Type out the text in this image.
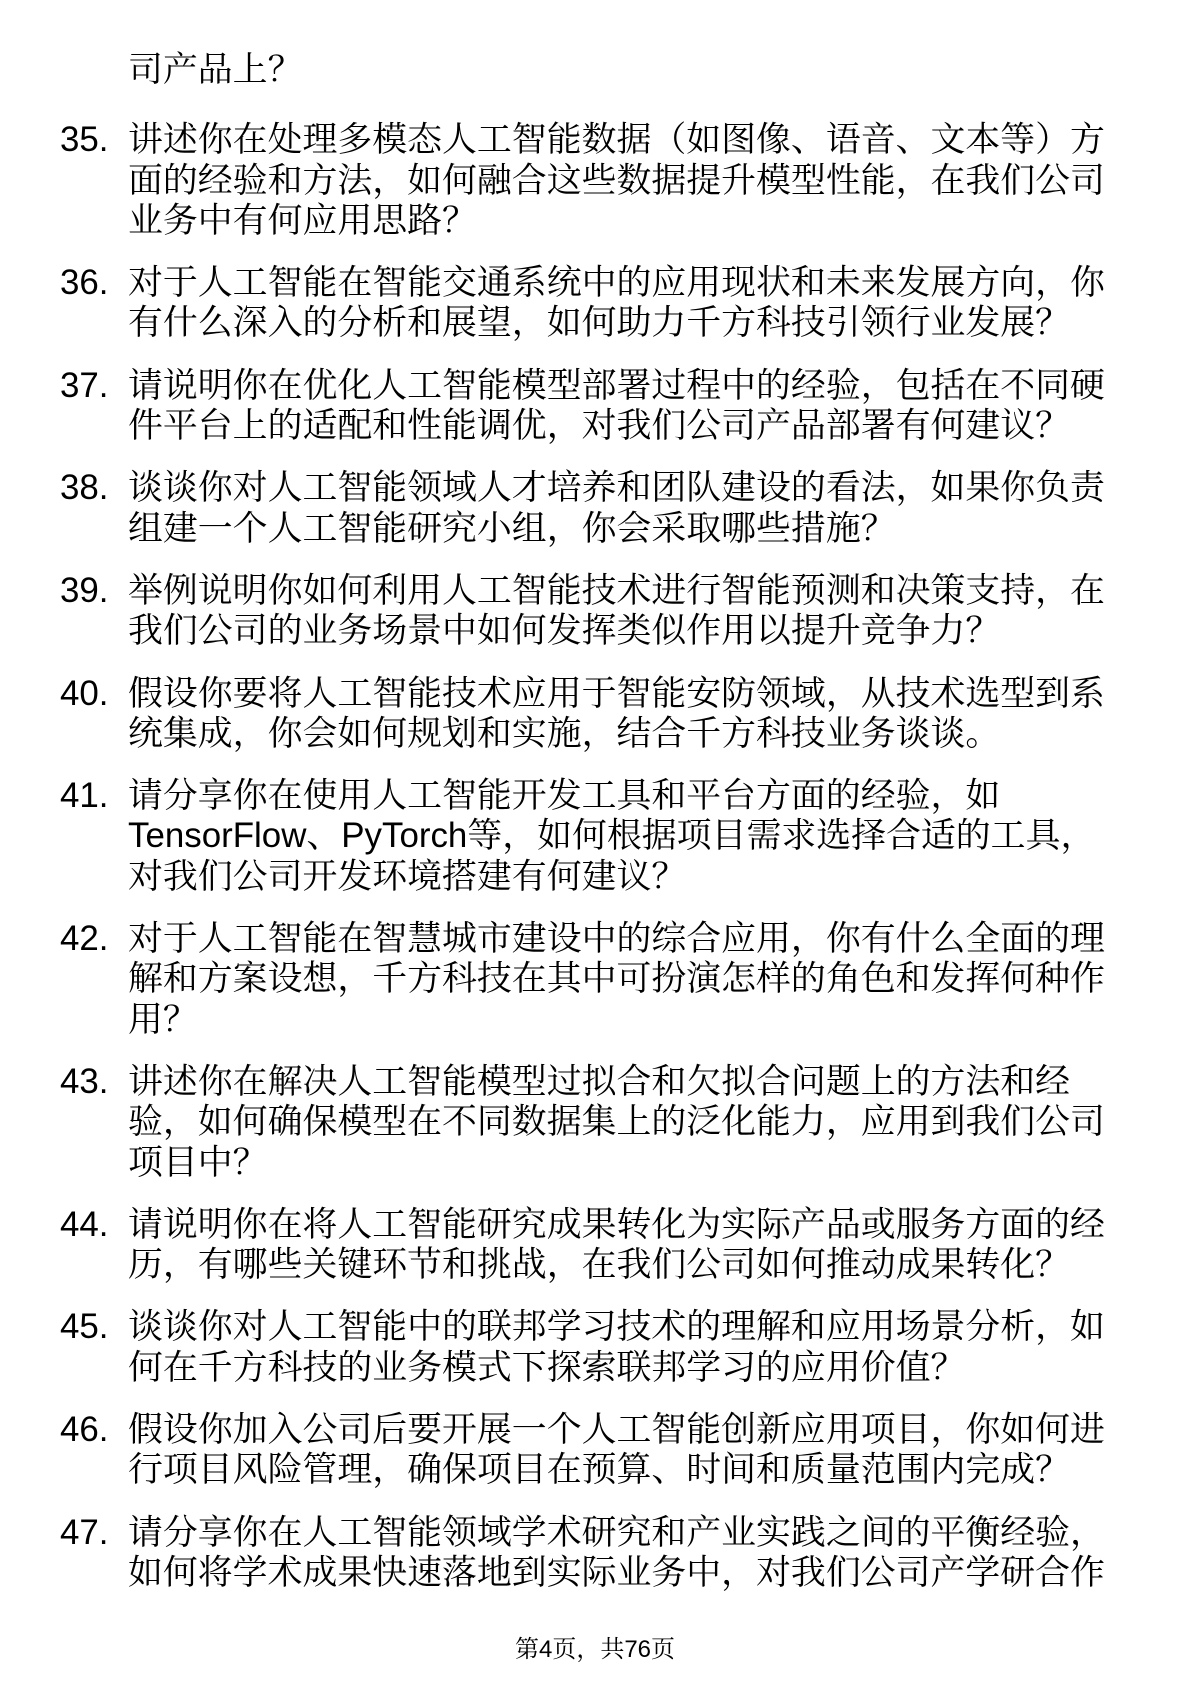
司产品上？
35. 讲述你在处理多模态人工智能数据（如图像、语音、文本等）方
面的经验和方法，如何融合这些数据提升模型性能，在我们公司
业务中有何应用思路？
36. 对于人工智能在智能交通系统中的应用现状和未来发展方向，你
有什么深入的分析和展望，如何助力千方科技引领行业发展？
37. 请说明你在优化人工智能模型部署过程中的经验，包括在不同硬
件平台上的适配和性能调优，对我们公司产品部署有何建议？
38. 谈谈你对人工智能领域人才培养和团队建设的看法，如果你负责
组建一个人工智能研究小组，你会采取哪些措施？
39. 举例说明你如何利用人工智能技术进行智能预测和决策支持，在
我们公司的业务场景中如何发挥类似作用以提升竞争力？
40. 假设你要将人工智能技术应用于智能安防领域，从技术选型到系
统集成，你会如何规划和实施，结合千方科技业务谈谈。
41. 请分享你在使用人工智能开发工具和平台方面的经验，如
TensorFlow、PyTorch等，如何根据项目需求选择合适的工具，
对我们公司开发环境搭建有何建议？
42. 对于人工智能在智慧城市建设中的综合应用，你有什么全面的理
解和方案设想，千方科技在其中可扮演怎样的角色和发挥何种作
用？
43. 讲述你在解决人工智能模型过拟合和欠拟合问题上的方法和经
验，如何确保模型在不同数据集上的泛化能力，应用到我们公司
项目中？
44. 请说明你在将人工智能研究成果转化为实际产品或服务方面的经
历，有哪些关键环节和挑战，在我们公司如何推动成果转化？
45. 谈谈你对人工智能中的联邦学习技术的理解和应用场景分析，如
何在千方科技的业务模式下探索联邦学习的应用价值？
46. 假设你加入公司后要开展一个人工智能创新应用项目，你如何进
行项目风险管理，确保项目在预算、时间和质量范围内完成？
47. 请分享你在人工智能领域学术研究和产业实践之间的平衡经验，
如何将学术成果快速落地到实际业务中，对我们公司产学研合作
第4页，共76页
